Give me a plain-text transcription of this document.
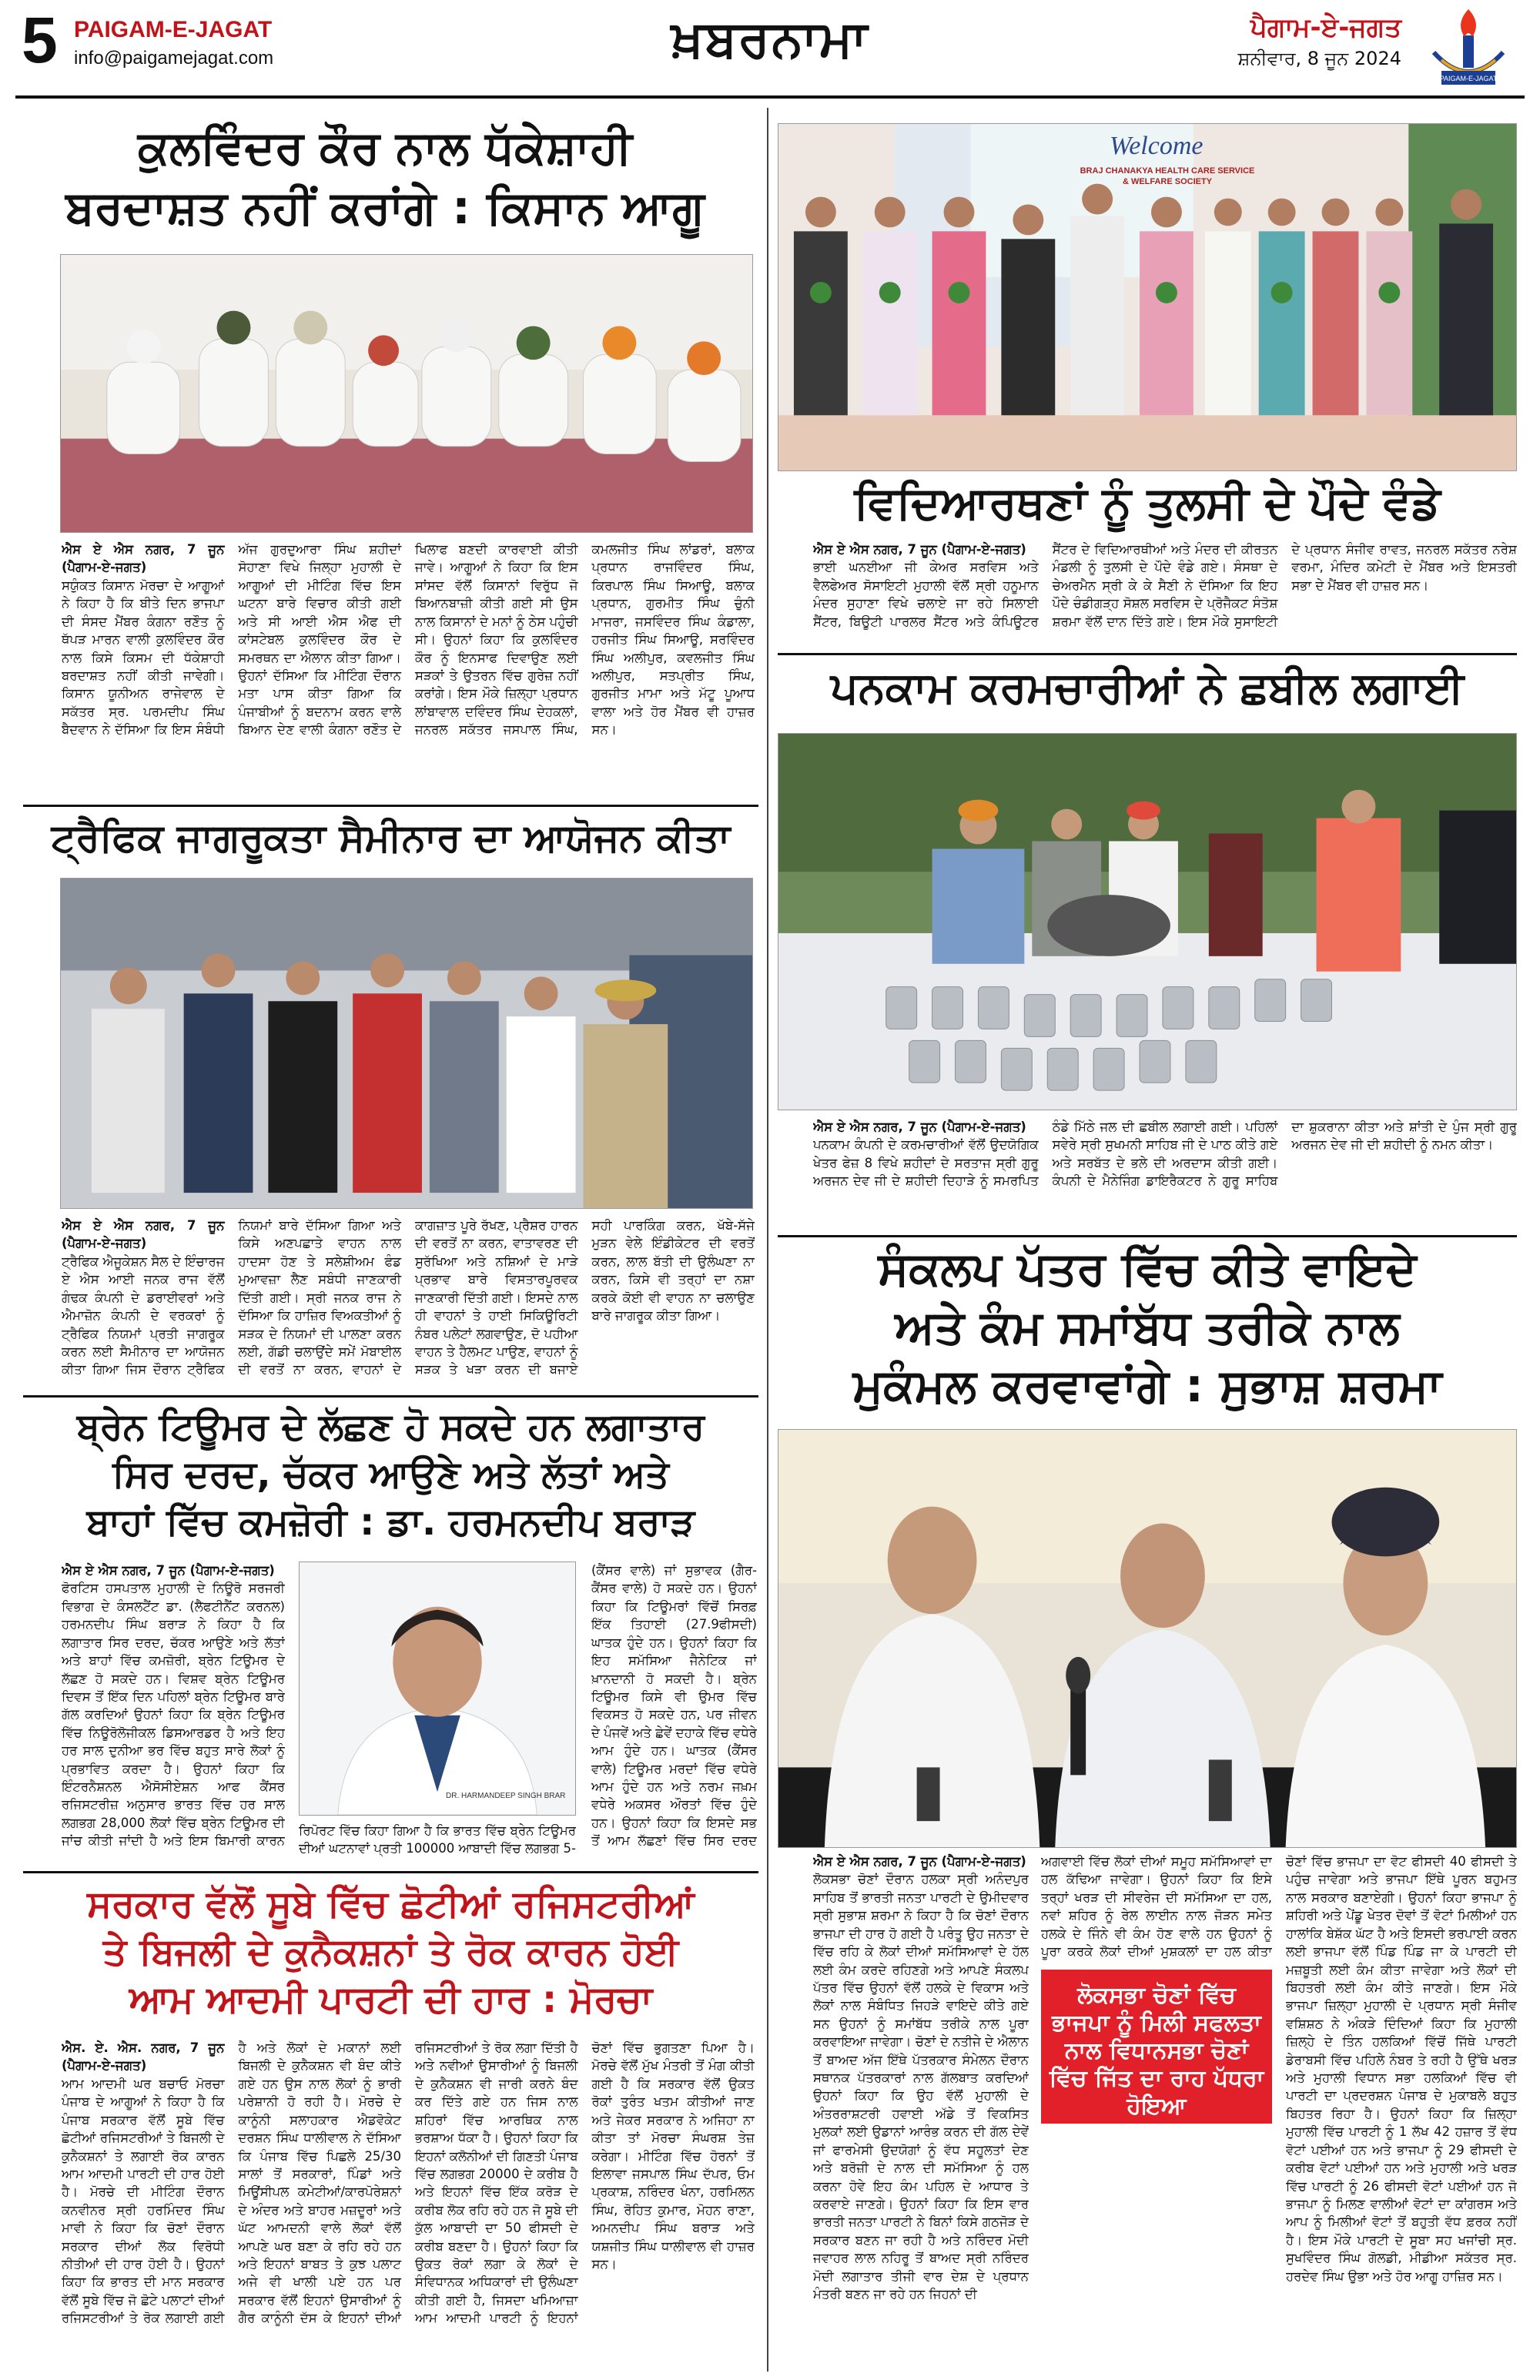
5 PAIGAM-E-JAGAT
info@paigamejagat.com	ਖ਼ਬਰਨਾਮਾ	ਪੈਗਾਮ-ਏ-ਜਗਤ
ਸ਼ਨੀਵਾਰ, 8 ਜੂਨ 2024
PAIGAM-E-JAGAT
ਕੁਲਵਿੰਦਰ ਕੌਰ ਨਾਲ ਧੱਕੇਸ਼ਾਹੀ
ਬਰਦਾਸ਼ਤ ਨਹੀਂ ਕਰਾਂਗੇ : ਕਿਸਾਨ ਆਗੂ

ਐਸ ਏ ਐਸ ਨਗਰ, 7 ਜੂਨ (ਪੈਗਾਮ-ਏ-ਜਗਤ)

ਸਯੁੰਕਤ ਕਿਸਾਨ ਮੋਰਚਾ ਦੇ ਆਗੂਆਂ ਨੇ ਕਿਹਾ ਹੈ ਕਿ ਬੀਤੇ ਦਿਨ ਭਾਜਪਾ ਦੀ ਸੰਸਦ ਮੈਂਬਰ ਕੰਗਨਾ ਰਣੌਤ ਨੂੰ ਥੱਪੜ ਮਾਰਨ ਵਾਲੀ ਕੁਲਵਿੰਦਰ ਕੌਰ ਨਾਲ ਕਿਸੇ ਕਿਸਮ ਦੀ ਧੱਕੇਸ਼ਾਹੀ ਬਰਦਾਸ਼ਤ ਨਹੀਂ ਕੀਤੀ ਜਾਵੇਗੀ। ਕਿਸਾਨ ਯੂਨੀਅਨ ਰਾਜੇਵਾਲ ਦੇ ਸਕੱਤਰ ਸ੍ਰ. ਪਰਮਦੀਪ ਸਿੰਘ ਬੈਦਵਾਨ ਨੇ ਦੱਸਿਆ ਕਿ ਇਸ ਸੰਬੰਧੀ ਅੱਜ ਗੁਰਦੁਆਰਾ ਸਿੰਘ ਸ਼ਹੀਦਾਂ ਸੋਹਾਣਾ ਵਿਖੇ ਜਿਲ੍ਹਾ ਮੁਹਾਲੀ ਦੇ ਆਗੂਆਂ ਦੀ ਮੀਟਿੰਗ ਵਿੱਚ ਇਸ ਘਟਨਾ ਬਾਰੇ ਵਿਚਾਰ ਕੀਤੀ ਗਈ ਅਤੇ ਸੀ ਆਈ ਐਸ ਐਫ ਦੀ ਕਾਂਸਟੇਬਲ ਕੁਲਵਿੰਦਰ ਕੌਰ ਦੇ ਸਮਰਥਨ ਦਾ ਐਲਾਨ ਕੀਤਾ ਗਿਆ। ਉਹਨਾਂ ਦੱਸਿਆ ਕਿ ਮੀਟਿੰਗ ਦੌਰਾਨ ਮਤਾ ਪਾਸ ਕੀਤਾ ਗਿਆ ਕਿ ਪੰਜਾਬੀਆਂ ਨੂੰ ਬਦਨਾਮ ਕਰਨ ਵਾਲੇ ਬਿਆਨ ਦੇਣ ਵਾਲੀ ਕੰਗਨਾ ਰਣੌਤ ਦੇ ਖਿਲਾਫ ਬਣਦੀ ਕਾਰਵਾਈ ਕੀਤੀ ਜਾਵੇ। ਆਗੂਆਂ ਨੇ ਕਿਹਾ ਕਿ ਇਸ ਸਾਂਸਦ ਵੱਲੋਂ ਕਿਸਾਨਾਂ ਵਿਰੁੱਧ ਜੋ ਬਿਆਨਬਾਜ਼ੀ ਕੀਤੀ ਗਈ ਸੀ ਉਸ ਨਾਲ ਕਿਸਾਨਾਂ ਦੇ ਮਨਾਂ ਨੂੰ ਠੇਸ ਪਹੁੰਚੀ ਸੀ। ਉਹਨਾਂ ਕਿਹਾ ਕਿ ਕੁਲਵਿੰਦਰ ਕੌਰ ਨੂੰ ਇਨਸਾਫ ਦਿਵਾਉਣ ਲਈ ਸੜਕਾਂ ਤੇ ਉਤਰਨ ਵਿੱਚ ਗੁਰੇਜ਼ ਨਹੀਂ ਕਰਾਂਗੇ। ਇਸ ਮੌਕੇ ਜ਼ਿਲ੍ਹਾ ਪ੍ਰਧਾਨ ਲਾਂਬਾਵਾਲ ਦਵਿੰਦਰ ਸਿੰਘ ਦੇਹਕਲਾਂ, ਜਨਰਲ ਸਕੱਤਰ ਜਸਪਾਲ ਸਿੰਘ, ਕਮਲਜੀਤ ਸਿੰਘ ਲਾਂਡਰਾਂ, ਬਲਾਕ ਪ੍ਰਧਾਨ ਰਾਜਵਿੰਦਰ ਸਿੰਘ, ਕਿਰਪਾਲ ਸਿੰਘ ਸਿਆਊ, ਬਲਾਕ ਪ੍ਰਧਾਨ, ਗੁਰਮੀਤ ਸਿੰਘ ਚੁੰਨੀ ਮਾਜਰਾ, ਜਸਵਿੰਦਰ ਸਿੰਘ ਕੰਡਾਲਾ, ਹਰਜੀਤ ਸਿੰਘ ਸਿਆਊ, ਸਰਵਿੰਦਰ ਸਿੰਘ ਅਲੀਪੁਰ, ਕਵਲਜੀਤ ਸਿੰਘ ਅਲੀਪੁਰ, ਸਤਪ੍ਰੀਤ ਸਿੰਘ, ਗੁਰਜੀਤ ਮਾਮਾ ਅਤੇ ਮੱਟੂ ਪੂਆਧ ਵਾਲਾ ਅਤੇ ਹੋਰ ਮੈਂਬਰ ਵੀ ਹਾਜ਼ਰ ਸਨ।

ਟ੍ਰੈਫਿਕ ਜਾਗਰੂਕਤਾ ਸੈਮੀਨਾਰ ਦਾ ਆਯੋਜਨ ਕੀਤਾ

ਐਸ ਏ ਐਸ ਨਗਰ, 7 ਜੂਨ (ਪੈਗਾਮ-ਏ-ਜਗਤ)

ਟ੍ਰੈਫਿਕ ਐਜੂਕੇਸ਼ਨ ਸੈਲ ਦੇ ਇੰਚਾਰਜ ਏ ਐਸ ਆਈ ਜਨਕ ਰਾਜ ਵੱਲੋਂ ਗੰਢਕ ਕੰਪਨੀ ਦੇ ਡਰਾਈਵਰਾਂ ਅਤੇ ਐਮਾਜ਼ੋਨ ਕੰਪਨੀ ਦੇ ਵਰਕਰਾਂ ਨੂੰ ਟ੍ਰੈਫਿਕ ਨਿਯਮਾਂ ਪ੍ਰਤੀ ਜਾਗਰੂਕ ਕਰਨ ਲਈ ਸੈਮੀਨਾਰ ਦਾ ਆਯੋਜਨ ਕੀਤਾ ਗਿਆ ਜਿਸ ਦੌਰਾਨ ਟ੍ਰੈਫਿਕ ਨਿਯਮਾਂ ਬਾਰੇ ਦੱਸਿਆ ਗਿਆ ਅਤੇ ਕਿਸੇ ਅਣਪਛਾਤੇ ਵਾਹਨ ਨਾਲ ਹਾਦਸਾ ਹੋਣ ਤੇ ਸਲੇਸ਼ੀਅਮ ਫੰਡ ਮੁਆਵਜ਼ਾ ਲੈਣ ਸਬੰਧੀ ਜਾਣਕਾਰੀ ਦਿੱਤੀ ਗਈ। ਸ੍ਰੀ ਜਨਕ ਰਾਜ ਨੇ ਦੱਸਿਆ ਕਿ ਹਾਜ਼ਿਰ ਵਿਅਕਤੀਆਂ ਨੂੰ ਸੜਕ ਦੇ ਨਿਯਮਾਂ ਦੀ ਪਾਲਣਾ ਕਰਨ ਲਈ, ਗੱਡੀ ਚਲਾਉਂਦੇ ਸਮੇਂ ਮੋਬਾਈਲ ਦੀ ਵਰਤੋਂ ਨਾ ਕਰਨ, ਵਾਹਨਾਂ ਦੇ ਕਾਗਜ਼ਾਤ ਪੂਰੇ ਰੱਖਣ, ਪ੍ਰੈਸ਼ਰ ਹਾਰਨ ਦੀ ਵਰਤੋਂ ਨਾ ਕਰਨ, ਵਾਤਾਵਰਣ ਦੀ ਸੁਰੱਖਿਆ ਅਤੇ ਨਸ਼ਿਆਂ ਦੇ ਮਾੜੇ ਪ੍ਰਭਾਵ ਬਾਰੇ ਵਿਸਤਾਰਪੂਰਵਕ ਜਾਣਕਾਰੀ ਦਿੱਤੀ ਗਈ। ਇਸਦੇ ਨਾਲ ਹੀ ਵਾਹਨਾਂ ਤੇ ਹਾਈ ਸਿਕਿਊਰਿਟੀ ਨੰਬਰ ਪਲੇਟਾਂ ਲਗਵਾਉਣ, ਦੋ ਪਹੀਆ ਵਾਹਨ ਤੇ ਹੈਲਮਟ ਪਾਉਣ, ਵਾਹਨਾਂ ਨੂੰ ਸੜਕ ਤੇ ਖੜਾ ਕਰਨ ਦੀ ਬਜਾਏ ਸਹੀ ਪਾਰਕਿੰਗ ਕਰਨ, ਖੱਬੇ-ਸੱਜੇ ਮੁੜਨ ਵੇਲੇ ਇੰਡੀਕੇਟਰ ਦੀ ਵਰਤੋਂ ਕਰਨ, ਲਾਲ ਬੱਤੀ ਦੀ ਉਲੰਘਣਾ ਨਾ ਕਰਨ, ਕਿਸੇ ਵੀ ਤਰ੍ਹਾਂ ਦਾ ਨਸ਼ਾ ਕਰਕੇ ਕੋਈ ਵੀ ਵਾਹਨ ਨਾ ਚਲਾਉਣ ਬਾਰੇ ਜਾਗਰੂਕ ਕੀਤਾ ਗਿਆ।

ਬ੍ਰੇਨ ਟਿਊਮਰ ਦੇ ਲੱਛਣ ਹੋ ਸਕਦੇ ਹਨ ਲਗਾਤਾਰ
ਸਿਰ ਦਰਦ, ਚੱਕਰ ਆਉਣੇ ਅਤੇ ਲੱਤਾਂ ਅਤੇ
ਬਾਹਾਂ ਵਿੱਚ ਕਮਜ਼ੋਰੀ : ਡਾ. ਹਰਮਨਦੀਪ ਬਰਾੜ

ਐਸ ਏ ਐਸ ਨਗਰ, 7 ਜੂਨ (ਪੈਗਾਮ-ਏ-ਜਗਤ)

ਫੋਰਟਿਸ ਹਸਪਤਾਲ ਮੁਹਾਲੀ ਦੇ ਨਿਊਰੋ ਸਰਜਰੀ ਵਿਭਾਗ ਦੇ ਕੰਸਲਟੈਂਟ ਡਾ. (ਲੈਫਟੀਨੈਂਟ ਕਰਨਲ) ਹਰਮਨਦੀਪ ਸਿੰਘ ਬਰਾੜ ਨੇ ਕਿਹਾ ਹੈ ਕਿ ਲਗਾਤਾਰ ਸਿਰ ਦਰਦ, ਚੱਕਰ ਆਉਣੇ ਅਤੇ ਲੱਤਾਂ ਅਤੇ ਬਾਹਾਂ ਵਿੱਚ ਕਮਜ਼ੋਰੀ, ਬ੍ਰੇਨ ਟਿਊਮਰ ਦੇ ਲੱਛਣ ਹੋ ਸਕਦੇ ਹਨ। ਵਿਸ਼ਵ ਬ੍ਰੇਨ ਟਿਊਮਰ ਦਿਵਸ ਤੋਂ ਇੱਕ ਦਿਨ ਪਹਿਲਾਂ ਬ੍ਰੇਨ ਟਿਊਮਰ ਬਾਰੇ ਗੱਲ ਕਰਦਿਆਂ ਉਹਨਾਂ ਕਿਹਾ ਕਿ ਬ੍ਰੇਨ ਟਿਊਮਰ ਵਿੱਚ ਨਿਊਰੋਲੋਜੀਕਲ ਡਿਸਆਰਡਰ ਹੈ ਅਤੇ ਇਹ ਹਰ ਸਾਲ ਦੁਨੀਆ ਭਰ ਵਿੱਚ ਬਹੁਤ ਸਾਰੇ ਲੋਕਾਂ ਨੂੰ ਪ੍ਰਭਾਵਿਤ ਕਰਦਾ ਹੈ। ਉਹਨਾਂ ਕਿਹਾ ਕਿ ਇੰਟਰਨੈਸ਼ਨਲ ਐਸੋਸੀਏਸ਼ਨ ਆਫ ਕੈਂਸਰ ਰਜਿਸਟਰੀਜ਼ ਅਨੁਸਾਰ ਭਾਰਤ ਵਿੱਚ ਹਰ ਸਾਲ ਲਗਭਗ 28,000 ਲੋਕਾਂ ਵਿੱਚ ਬ੍ਰੇਨ ਟਿਊਮਰ ਦੀ ਜਾਂਚ ਕੀਤੀ ਜਾਂਦੀ ਹੈ ਅਤੇ ਇਸ ਬਿਮਾਰੀ ਕਾਰਨ

DR. HARMANDEEP SINGH BRAR

ਰਿਪੋਰਟ ਵਿੱਚ ਕਿਹਾ ਗਿਆ ਹੈ ਕਿ ਭਾਰਤ ਵਿੱਚ ਬ੍ਰੇਨ ਟਿਊਮਰ ਦੀਆਂ ਘਟਨਾਵਾਂ ਪ੍ਰਤੀ 100000 ਆਬਾਦੀ ਵਿੱਚ ਲਗਭਗ 5-

(ਕੈਂਸਰ ਵਾਲੇ) ਜਾਂ ਸੁਭਾਵਕ (ਗੈਰ-ਕੈਂਸਰ ਵਾਲੇ) ਹੋ ਸਕਦੇ ਹਨ। ਉਹਨਾਂ ਕਿਹਾ ਕਿ ਟਿਊਮਰਾਂ ਵਿੱਚੋਂ ਸਿਰਫ਼ ਇੱਕ ਤਿਹਾਈ (27.9ਫੀਸਦੀ) ਘਾਤਕ ਹੁੰਦੇ ਹਨ। ਉਹਨਾਂ ਕਿਹਾ ਕਿ ਇਹ ਸਮੱਸਿਆ ਜੈਨੇਟਿਕ ਜਾਂ ਖ਼ਾਨਦਾਨੀ ਹੋ ਸਕਦੀ ਹੈ। ਬ੍ਰੇਨ ਟਿਊਮਰ ਕਿਸੇ ਵੀ ਉਮਰ ਵਿੱਚ ਵਿਕਸਤ ਹੋ ਸਕਦੇ ਹਨ, ਪਰ ਜੀਵਨ ਦੇ ਪੰਜਵੇਂ ਅਤੇ ਛੇਵੇਂ ਦਹਾਕੇ ਵਿੱਚ ਵਧੇਰੇ ਆਮ ਹੁੰਦੇ ਹਨ। ਘਾਤਕ (ਕੈਂਸਰ ਵਾਲੇ) ਟਿਊਮਰ ਮਰਦਾਂ ਵਿੱਚ ਵਧੇਰੇ ਆਮ ਹੁੰਦੇ ਹਨ ਅਤੇ ਨਰਮ ਜਖ਼ਮ ਵਧੇਰੇ ਅਕਸਰ ਔਰਤਾਂ ਵਿੱਚ ਹੁੰਦੇ ਹਨ। ਉਹਨਾਂ ਕਿਹਾ ਕਿ ਇਸਦੇ ਸਭ ਤੋਂ ਆਮ ਲੱਛਣਾਂ ਵਿੱਚ ਸਿਰ ਦਰਦ

ਸਰਕਾਰ ਵੱਲੋਂ ਸੂਬੇ ਵਿੱਚ ਛੋਟੀਆਂ ਰਜਿਸਟਰੀਆਂ
ਤੇ ਬਿਜਲੀ ਦੇ ਕੁਨੈਕਸ਼ਨਾਂ ਤੇ ਰੋਕ ਕਾਰਨ ਹੋਈ
ਆਮ ਆਦਮੀ ਪਾਰਟੀ ਦੀ ਹਾਰ : ਮੋਰਚਾ

ਐਸ. ਏ. ਐਸ. ਨਗਰ, 7 ਜੂਨ (ਪੈਗਾਮ-ਏ-ਜਗਤ)

ਆਮ ਆਦਮੀ ਘਰ ਬਚਾਓ ਮੋਰਚਾ ਪੰਜਾਬ ਦੇ ਆਗੂਆਂ ਨੇ ਕਿਹਾ ਹੈ ਕਿ ਪੰਜਾਬ ਸਰਕਾਰ ਵੱਲੋਂ ਸੂਬੇ ਵਿੱਚ ਛੋਟੀਆਂ ਰਜਿਸਟਰੀਆਂ ਤੇ ਬਿਜਲੀ ਦੇ ਕੁਨੈਕਸ਼ਨਾਂ ਤੇ ਲਗਾਈ ਰੋਕ ਕਾਰਨ ਆਮ ਆਦਮੀ ਪਾਰਟੀ ਦੀ ਹਾਰ ਹੋਈ ਹੈ। ਮੋਰਚੇ ਦੀ ਮੀਟਿੰਗ ਦੌਰਾਨ ਕਨਵੀਨਰ ਸ੍ਰੀ ਹਰਮਿੰਦਰ ਸਿੰਘ ਮਾਵੀ ਨੇ ਕਿਹਾ ਕਿ ਚੋਣਾਂ ਦੌਰਾਨ ਸਰਕਾਰ ਦੀਆਂ ਲੋਕ ਵਿਰੋਧੀ ਨੀਤੀਆਂ ਦੀ ਹਾਰ ਹੋਈ ਹੈ। ਉਹਨਾਂ ਕਿਹਾ ਕਿ ਭਾਰਤ ਦੀ ਮਾਨ ਸਰਕਾਰ ਵੱਲੋਂ ਸੂਬੇ ਵਿੱਚ ਜੋ ਛੋਟੇ ਪਲਾਟਾਂ ਦੀਆਂ ਰਜਿਸਟਰੀਆਂ ਤੇ ਰੋਕ ਲਗਾਈ ਗਈ ਹੈ ਅਤੇ ਲੋਕਾਂ ਦੇ ਮਕਾਨਾਂ ਲਈ ਬਿਜਲੀ ਦੇ ਕੁਨੈਕਸ਼ਨ ਵੀ ਬੰਦ ਕੀਤੇ ਗਏ ਹਨ ਉਸ ਨਾਲ ਲੋਕਾਂ ਨੂੰ ਭਾਰੀ ਪਰੇਸ਼ਾਨੀ ਹੋ ਰਹੀ ਹੈ। ਮੋਰਚੇ ਦੇ ਕਾਨੂੰਨੀ ਸਲਾਹਕਾਰ ਐਡਵੋਕੇਟ ਦਰਸ਼ਨ ਸਿੰਘ ਧਾਲੀਵਾਲ ਨੇ ਦੱਸਿਆ ਕਿ ਪੰਜਾਬ ਵਿੱਚ ਪਿਛਲੇ 25/30 ਸਾਲਾਂ ਤੋਂ ਸਰਕਾਰਾਂ, ਪਿੰਡਾਂ ਅਤੇ ਮਿਊਂਸੀਪਲ ਕਮੇਟੀਆਂ/ਕਾਰਪੋਰੇਸ਼ਨਾਂ ਦੇ ਅੰਦਰ ਅਤੇ ਬਾਹਰ ਮਜ਼ਦੂਰਾਂ ਅਤੇ ਘੱਟ ਆਮਦਨੀ ਵਾਲੇ ਲੋਕਾਂ ਵੱਲੋਂ ਆਪਣੇ ਘਰ ਬਣਾ ਕੇ ਰਹਿ ਰਹੇ ਹਨ ਅਤੇ ਇਹਨਾਂ ਬਾਬਤ ਤੇ ਕੁਝ ਪਲਾਟ ਅਜੇ ਵੀ ਖਾਲੀ ਪਏ ਹਨ ਪਰ ਸਰਕਾਰ ਵੱਲੋਂ ਇਹਨਾਂ ਉਸਾਰੀਆਂ ਨੂੰ ਗੈਰ ਕਾਨੂੰਨੀ ਦੱਸ ਕੇ ਇਹਨਾਂ ਦੀਆਂ ਰਜਿਸਟਰੀਆਂ ਤੇ ਰੋਕ ਲਗਾ ਦਿੱਤੀ ਹੈ ਅਤੇ ਨਵੀਆਂ ਉਸਾਰੀਆਂ ਨੂੰ ਬਿਜਲੀ ਦੇ ਕੁਨੈਕਸ਼ਨ ਵੀ ਜਾਰੀ ਕਰਨੇ ਬੰਦ ਕਰ ਦਿੱਤੇ ਗਏ ਹਨ ਜਿਸ ਨਾਲ ਸ਼ਹਿਰਾਂ ਵਿੱਚ ਆਰਥਿਕ ਨਾਲ ਭਰਸ਼ਾਅ ਧੱਕਾ ਹੈ। ਉਹਨਾਂ ਕਿਹਾ ਕਿ ਇਹਨਾਂ ਕਲੋਨੀਆਂ ਦੀ ਗਿਣਤੀ ਪੰਜਾਬ ਵਿੱਚ ਲਗਭਗ 20000 ਦੇ ਕਰੀਬ ਹੈ ਅਤੇ ਇਹਨਾਂ ਵਿੱਚ ਇੱਕ ਕਰੋੜ ਦੇ ਕਰੀਬ ਲੋਕ ਰਹਿ ਰਹੇ ਹਨ ਜੋ ਸੂਬੇ ਦੀ ਕੁੱਲ ਆਬਾਦੀ ਦਾ 50 ਫੀਸਦੀ ਦੇ ਕਰੀਬ ਬਣਦਾ ਹੈ। ਉਹਨਾਂ ਕਿਹਾ ਕਿ ਉਕਤ ਰੋਕਾਂ ਲਗਾ ਕੇ ਲੋਕਾਂ ਦੇ ਸੰਵਿਧਾਨਕ ਅਧਿਕਾਰਾਂ ਦੀ ਉਲੰਘਣਾ ਕੀਤੀ ਗਈ ਹੈ, ਜਿਸਦਾ ਖਮਿਆਜ਼ਾ ਆਮ ਆਦਮੀ ਪਾਰਟੀ ਨੂੰ ਇਹਨਾਂ ਚੋਣਾਂ ਵਿੱਚ ਭੁਗਤਣਾ ਪਿਆ ਹੈ। ਮੋਰਚੇ ਵੱਲੋਂ ਮੁੱਖ ਮੰਤਰੀ ਤੋਂ ਮੰਗ ਕੀਤੀ ਗਈ ਹੈ ਕਿ ਸਰਕਾਰ ਵੱਲੋਂ ਉਕਤ ਰੋਕਾਂ ਤੁਰੰਤ ਖਤਮ ਕੀਤੀਆਂ ਜਾਣ ਅਤੇ ਜੇਕਰ ਸਰਕਾਰ ਨੇ ਅਜਿਹਾ ਨਾ ਕੀਤਾ ਤਾਂ ਮੋਰਚਾ ਸੰਘਰਸ਼ ਤੇਜ਼ ਕਰੇਗਾ। ਮੀਟਿੰਗ ਵਿੱਚ ਹੋਰਨਾਂ ਤੋਂ ਇਲਾਵਾ ਜਸਪਾਲ ਸਿੰਘ ਦੱਪਰ, ਓਮ ਪ੍ਰਕਾਸ਼, ਨਰਿੰਦਰ ਖੰਨਾ, ਹਰਮਿਲਨ ਸਿੰਘ, ਰੋਹਿਤ ਕੁਮਾਰ, ਮੋਹਨ ਰਾਣਾ, ਅਮਨਦੀਪ ਸਿੰਘ ਬਰਾੜ ਅਤੇ ਯਸ਼ਜੀਤ ਸਿੰਘ ਧਾਲੀਵਾਲ ਵੀ ਹਾਜ਼ਰ ਸਨ।

Welcome
BRAJ CHANAKYA HEALTH CARE SERVICE & WELFARE SOCIETY
ਵਿਦਿਆਰਥਣਾਂ ਨੂੰ ਤੁਲਸੀ ਦੇ ਪੌਦੇ ਵੰਡੇ

ਐਸ ਏ ਐਸ ਨਗਰ, 7 ਜੂਨ (ਪੈਗਾਮ-ਏ-ਜਗਤ)

ਭਾਈ ਘਨਈਆ ਜੀ ਕੇਅਰ ਸਰਵਿਸ ਅਤੇ ਵੈਲਫੇਅਰ ਸੋਸਾਇਟੀ ਮੁਹਾਲੀ ਵੱਲੋਂ ਸ੍ਰੀ ਹਨੂਮਾਨ ਮੰਦਰ ਸੁਹਾਣਾ ਵਿਖੇ ਚਲਾਏ ਜਾ ਰਹੇ ਸਿਲਾਈ ਸੈਂਟਰ, ਬਿਊਟੀ ਪਾਰਲਰ ਸੈਂਟਰ ਅਤੇ ਕੰਪਿਊਟਰ ਸੈਂਟਰ ਦੇ ਵਿਦਿਆਰਥੀਆਂ ਅਤੇ ਮੰਦਰ ਦੀ ਕੀਰਤਨ ਮੰਡਲੀ ਨੂੰ ਤੁਲਸੀ ਦੇ ਪੌਦੇ ਵੰਡੇ ਗਏ। ਸੰਸਥਾ ਦੇ ਚੇਅਰਮੈਨ ਸ੍ਰੀ ਕੇ ਕੇ ਸੈਣੀ ਨੇ ਦੱਸਿਆ ਕਿ ਇਹ ਪੌਦੇ ਚੰਡੀਗੜ੍ਹ ਸੋਸ਼ਲ ਸਰਵਿਸ ਦੇ ਪ੍ਰੋਜੈਕਟ ਸੰਤੋਸ਼ ਸ਼ਰਮਾ ਵੱਲੋਂ ਦਾਨ ਦਿੱਤੇ ਗਏ। ਇਸ ਮੌਕੇ ਸੁਸਾਇਟੀ ਦੇ ਪ੍ਰਧਾਨ ਸੰਜੀਵ ਰਾਵਤ, ਜਨਰਲ ਸਕੱਤਰ ਨਰੇਸ਼ ਵਰਮਾ, ਮੰਦਿਰ ਕਮੇਟੀ ਦੇ ਮੈਂਬਰ ਅਤੇ ਇਸਤਰੀ ਸਭਾ ਦੇ ਮੈਂਬਰ ਵੀ ਹਾਜ਼ਰ ਸਨ।

ਪਨਕਾਮ ਕਰਮਚਾਰੀਆਂ ਨੇ ਛਬੀਲ ਲਗਾਈ

ਐਸ ਏ ਐਸ ਨਗਰ, 7 ਜੂਨ (ਪੈਗਾਮ-ਏ-ਜਗਤ)

ਪਨਕਾਮ ਕੰਪਨੀ ਦੇ ਕਰਮਚਾਰੀਆਂ ਵੱਲੋਂ ਉਦਯੋਗਿਕ ਖੇਤਰ ਫੇਜ਼ 8 ਵਿਖੇ ਸ਼ਹੀਦਾਂ ਦੇ ਸਰਤਾਜ ਸ੍ਰੀ ਗੁਰੂ ਅਰਜਨ ਦੇਵ ਜੀ ਦੇ ਸ਼ਹੀਦੀ ਦਿਹਾੜੇ ਨੂੰ ਸਮਰਪਿਤ ਠੰਡੇ ਮਿੱਠੇ ਜਲ ਦੀ ਛਬੀਲ ਲਗਾਈ ਗਈ। ਪਹਿਲਾਂ ਸਵੇਰੇ ਸ੍ਰੀ ਸੁਖਮਨੀ ਸਾਹਿਬ ਜੀ ਦੇ ਪਾਠ ਕੀਤੇ ਗਏ ਅਤੇ ਸਰਬੱਤ ਦੇ ਭਲੇ ਦੀ ਅਰਦਾਸ ਕੀਤੀ ਗਈ। ਕੰਪਨੀ ਦੇ ਮੈਨੇਜਿੰਗ ਡਾਇਰੈਕਟਰ ਨੇ ਗੁਰੂ ਸਾਹਿਬ ਦਾ ਸ਼ੁਕਰਾਨਾ ਕੀਤਾ ਅਤੇ ਸ਼ਾਂਤੀ ਦੇ ਪੁੰਜ ਸ੍ਰੀ ਗੁਰੂ ਅਰਜਨ ਦੇਵ ਜੀ ਦੀ ਸ਼ਹੀਦੀ ਨੂੰ ਨਮਨ ਕੀਤਾ।

ਸੰਕਲਪ ਪੱਤਰ ਵਿੱਚ ਕੀਤੇ ਵਾਇਦੇ
ਅਤੇ ਕੰਮ ਸਮਾਂਬੱਧ ਤਰੀਕੇ ਨਾਲ
ਮੁਕੰਮਲ ਕਰਵਾਵਾਂਗੇ : ਸੁਭਾਸ਼ ਸ਼ਰਮਾ

ਐਸ ਏ ਐਸ ਨਗਰ, 7 ਜੂਨ (ਪੈਗਾਮ-ਏ-ਜਗਤ)

ਲੋਕਸਭਾ ਚੋਣਾਂ ਦੌਰਾਨ ਹਲਕਾ ਸ੍ਰੀ ਅਨੰਦਪੁਰ ਸਾਹਿਬ ਤੋਂ ਭਾਰਤੀ ਜਨਤਾ ਪਾਰਟੀ ਦੇ ਉਮੀਦਵਾਰ ਸ੍ਰੀ ਸੁਭਾਸ਼ ਸ਼ਰਮਾ ਨੇ ਕਿਹਾ ਹੈ ਕਿ ਚੋਣਾਂ ਦੌਰਾਨ ਭਾਜਪਾ ਦੀ ਹਾਰ ਹੋ ਗਈ ਹੈ ਪਰੰਤੂ ਉਹ ਜਨਤਾ ਦੇ ਵਿੱਚ ਰਹਿ ਕੇ ਲੋਕਾਂ ਦੀਆਂ ਸਮੱਸਿਆਵਾਂ ਦੇ ਹੱਲ ਲਈ ਕੰਮ ਕਰਦੇ ਰਹਿਣਗੇ ਅਤੇ ਆਪਣੇ ਸੰਕਲਪ ਪੱਤਰ ਵਿੱਚ ਉਹਨਾਂ ਵੱਲੋਂ ਹਲਕੇ ਦੇ ਵਿਕਾਸ ਅਤੇ ਲੋਕਾਂ ਨਾਲ ਸੰਬੰਧਿਤ ਜਿਹੜੇ ਵਾਇਦੇ ਕੀਤੇ ਗਏ ਸਨ ਉਹਨਾਂ ਨੂੰ ਸਮਾਂਬੱਧ ਤਰੀਕੇ ਨਾਲ ਪੂਰਾ ਕਰਵਾਇਆ ਜਾਵੇਗਾ। ਚੋਣਾਂ ਦੇ ਨਤੀਜੇ ਦੇ ਐਲਾਨ ਤੋਂ ਬਾਅਦ ਅੱਜ ਇੱਥੇ ਪੱਤਰਕਾਰ ਸੰਮੇਲਨ ਦੌਰਾਨ ਸਥਾਨਕ ਪੱਤਰਕਾਰਾਂ ਨਾਲ ਗੱਲਬਾਤ ਕਰਦਿਆਂ ਉਹਨਾਂ ਕਿਹਾ ਕਿ ਉਹ ਵੱਲੋਂ ਮੁਹਾਲੀ ਦੇ ਅੰਤਰਰਾਸ਼ਟਰੀ ਹਵਾਈ ਅੱਡੇ ਤੋਂ ਵਿਕਸਿਤ ਮੁਲਕਾਂ ਲਈ ਉਡਾਨਾਂ ਆਰੰਭ ਕਰਨ ਦੀ ਗੱਲ ਦੇਵੇਂ ਜਾਂ ਫਾਰਮੇਸੀ ਉਦਯੋਗਾਂ ਨੂੰ ਵੱਧ ਸਹੂਲਤਾਂ ਦੇਣ ਅਤੇ ਬਰੋਜ਼ੀ ਦੇ ਨਾਲ ਦੀ ਸਮੱਸਿਆ ਨੂੰ ਹਲ ਕਰਨਾ ਹੋਵੇ ਇਹ ਕੰਮ ਪਹਿਲ ਦੇ ਆਧਾਰ ਤੇ ਕਰਵਾਏ ਜਾਣਗੇ। ਉਹਨਾਂ ਕਿਹਾ ਕਿ ਇਸ ਵਾਰ ਭਾਰਤੀ ਜਨਤਾ ਪਾਰਟੀ ਨੇ ਬਿਨਾਂ ਕਿਸੇ ਗਠਜੋੜ ਦੇ ਸਰਕਾਰ ਬਣਨ ਜਾ ਰਹੀ ਹੈ ਅਤੇ ਨਰਿੰਦਰ ਮੋਦੀ ਜਵਾਹਰ ਲਾਲ ਨਹਿਰੂ ਤੋਂ ਬਾਅਦ ਸ੍ਰੀ ਨਰਿੰਦਰ ਮੋਦੀ ਲਗਾਤਾਰ ਤੀਜੀ ਵਾਰ ਦੇਸ਼ ਦੇ ਪ੍ਰਧਾਨ ਮੰਤਰੀ ਬਣਨ ਜਾ ਰਹੇ ਹਨ ਜਿਹਨਾਂ ਦੀ

ਲੋਕਸਭਾ ਚੋਣਾਂ ਵਿੱਚ ਭਾਜਪਾ ਨੂੰ ਮਿਲੀ ਸਫਲਤਾ ਨਾਲ ਵਿਧਾਨਸਭਾ ਚੋਣਾਂ ਵਿੱਚ ਜਿੱਤ ਦਾ ਰਾਹ ਪੱਧਰਾ ਹੋਇਆ

ਅਗਵਾਈ ਵਿੱਚ ਲੋਕਾਂ ਦੀਆਂ ਸਮੂਹ ਸਮੱਸਿਆਵਾਂ ਦਾ ਹਲ ਕੱਢਿਆ ਜਾਵੇਗਾ। ਉਹਨਾਂ ਕਿਹਾ ਕਿ ਇਸੇ ਤਰ੍ਹਾਂ ਖਰੜ ਦੀ ਸੀਵਰੇਜ ਦੀ ਸਮੱਸਿਆ ਦਾ ਹਲ, ਨਵਾਂ ਸ਼ਹਿਰ ਨੂੰ ਰੇਲ ਲਾਈਨ ਨਾਲ ਜੋੜਨ ਸਮੇਤ ਹਲਕੇ ਦੇ ਜਿੰਨੇ ਵੀ ਕੰਮ ਹੋਣ ਵਾਲੇ ਹਨ ਉਹਨਾਂ ਨੂੰ ਪੂਰਾ ਕਰਕੇ ਲੋਕਾਂ ਦੀਆਂ ਮੁਸ਼ਕਲਾਂ ਦਾ ਹਲ ਕੀਤਾ

ਚੋਣਾਂ ਵਿੱਚ ਭਾਜਪਾ ਦਾ ਵੋਟ ਫੀਸਦੀ 40 ਫੀਸਦੀ ਤੇ ਪਹੁੰਚ ਜਾਵੇਗਾ ਅਤੇ ਭਾਜਪਾ ਇੱਥੇ ਪੂਰਨ ਬਹੁਮਤ ਨਾਲ ਸਰਕਾਰ ਬਣਾਏਗੀ। ਉਹਨਾਂ ਕਿਹਾ ਭਾਜਪਾ ਨੂੰ ਸ਼ਹਿਰੀ ਅਤੇ ਪੇਂਡੂ ਖੇਤਰ ਦੋਵਾਂ ਤੋਂ ਵੋਟਾਂ ਮਿਲੀਆਂ ਹਨ ਹਾਲਾਂਕਿ ਬੇਸ਼ੱਕ ਘੱਟ ਹੈ ਅਤੇ ਇਸਦੀ ਭਰਪਾਈ ਕਰਨ ਲਈ ਭਾਜਪਾ ਵੱਲੋਂ ਪਿੰਡ ਪਿੰਡ ਜਾ ਕੇ ਪਾਰਟੀ ਦੀ ਮਜ਼ਬੂਤੀ ਲਈ ਕੰਮ ਕੀਤਾ ਜਾਵੇਗਾ ਅਤੇ ਲੋਕਾਂ ਦੀ ਬਿਹਤਰੀ ਲਈ ਕੰਮ ਕੀਤੇ ਜਾਣਗੇ। ਇਸ ਮੌਕੇ ਭਾਜਪਾ ਜ਼ਿਲ੍ਹਾ ਮੁਹਾਲੀ ਦੇ ਪ੍ਰਧਾਨ ਸ੍ਰੀ ਸੰਜੀਵ ਵਸ਼ਿਸ਼ਠ ਨੇ ਅੰਕੜੇ ਦਿੰਦਿਆਂ ਕਿਹਾ ਕਿ ਮੁਹਾਲੀ ਜ਼ਿਲ੍ਹੇ ਦੇ ਤਿੰਨ ਹਲਕਿਆਂ ਵਿੱਚੋਂ ਜਿੱਥੇ ਪਾਰਟੀ ਡੇਰਾਬਸੀ ਵਿੱਚ ਪਹਿਲੇ ਨੰਬਰ ਤੇ ਰਹੀ ਹੈ ਉੱਥੇ ਖਰੜ ਅਤੇ ਮੁਹਾਲੀ ਵਿਧਾਨ ਸਭਾ ਹਲਕਿਆਂ ਵਿੱਚ ਵੀ ਪਾਰਟੀ ਦਾ ਪ੍ਰਦਰਸ਼ਨ ਪੰਜਾਬ ਦੇ ਮੁਕਾਬਲੇ ਬਹੁਤ ਬਿਹਤਰ ਰਿਹਾ ਹੈ। ਉਹਨਾਂ ਕਿਹਾ ਕਿ ਜ਼ਿਲ੍ਹਾ ਮੁਹਾਲੀ ਵਿੱਚ ਪਾਰਟੀ ਨੂੰ 1 ਲੱਖ 42 ਹਜ਼ਾਰ ਤੋਂ ਵੱਧ ਵੋਟਾਂ ਪਈਆਂ ਹਨ ਅਤੇ ਭਾਜਪਾ ਨੂੰ 29 ਫੀਸਦੀ ਦੇ ਕਰੀਬ ਵੋਟਾਂ ਪਈਆਂ ਹਨ ਅਤੇ ਮੁਹਾਲੀ ਅਤੇ ਖਰੜ ਵਿੱਚ ਪਾਰਟੀ ਨੂੰ 26 ਫੀਸਦੀ ਵੋਟਾਂ ਪਈਆਂ ਹਨ ਜੋ ਭਾਜਪਾ ਨੂੰ ਮਿਲਣ ਵਾਲੀਆਂ ਵੋਟਾਂ ਦਾ ਕਾਂਗਰਸ ਅਤੇ ਆਪ ਨੂੰ ਮਿਲੀਆਂ ਵੋਟਾਂ ਤੋਂ ਬਹੁਤੀ ਵੱਧ ਫ਼ਰਕ ਨਹੀਂ ਹੈ। ਇਸ ਮੌਕੇ ਪਾਰਟੀ ਦੇ ਸੂਬਾ ਸਹ ਖਜਾਂਚੀ ਸ੍ਰ. ਸੁਖਵਿੰਦਰ ਸਿੰਘ ਗੋਲਡੀ, ਮੀਡੀਆ ਸਕੱਤਰ ਸ੍ਰ. ਹਰਦੇਵ ਸਿੰਘ ਉਭਾ ਅਤੇ ਹੋਰ ਆਗੂ ਹਾਜ਼ਿਰ ਸਨ।
